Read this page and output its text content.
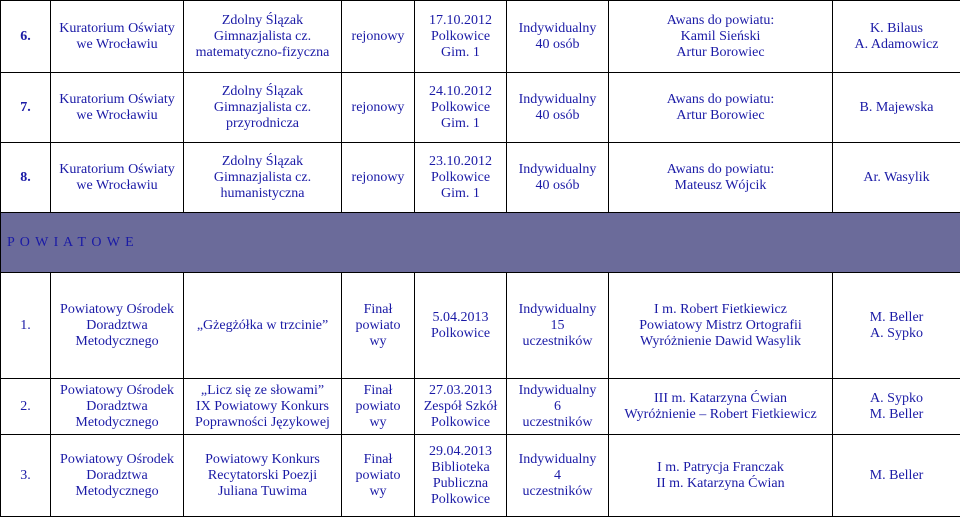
6.	Kuratorium Oświaty
we Wrocławiu	Zdolny Ślązak
Gimnazjalista cz.
matematyczno-fizyczna	rejonowy	17.10.2012
Polkowice
Gim. 1	Indywidualny
40 osób	Awans do powiatu:
Kamil Sieński
Artur Borowiec	K. Bilaus
A. Adamowicz

7.	Kuratorium Oświaty
we Wrocławiu	Zdolny Ślązak
Gimnazjalista cz.
przyrodnicza	rejonowy	24.10.2012
Polkowice
Gim. 1	Indywidualny
40 osób	Awans do powiatu:
Artur Borowiec	B. Majewska

8.	Kuratorium Oświaty
we Wrocławiu	Zdolny Ślązak
Gimnazjalista cz.
humanistyczna	rejonowy	23.10.2012
Polkowice
Gim. 1	Indywidualny
40 osób	Awans do powiatu:
Mateusz Wójcik	Ar. Wasylik

P O W I A T O W E							
1.	Powiatowy Ośrodek
Doradztwa
Metodycznego	„Gżegżółka w trzcinie”	Finał
powiato
wy	5.04.2013
Polkowice	Indywidualny
15
uczestników	I m. Robert Fietkiewicz
Powiatowy Mistrz Ortografii
Wyróżnienie Dawid Wasylik	M. Beller
A. Sypko

2.	Powiatowy Ośrodek
Doradztwa
Metodycznego	„Licz się ze słowami”
IX Powiatowy Konkurs
Poprawności Językowej	Finał
powiato
wy	27.03.2013
Zespół Szkół
Polkowice	Indywidualny
6
uczestników	III m. Katarzyna Ćwian
Wyróżnienie – Robert Fietkiewicz	A. Sypko
M. Beller

3.	Powiatowy Ośrodek
Doradztwa
Metodycznego	Powiatowy Konkurs
Recytatorski Poezji
Juliana Tuwima	Finał
powiato
wy	29.04.2013
Biblioteka
Publiczna
Polkowice	Indywidualny
4
uczestników	I m. Patrycja Franczak
II m. Katarzyna Ćwian	M. Beller
